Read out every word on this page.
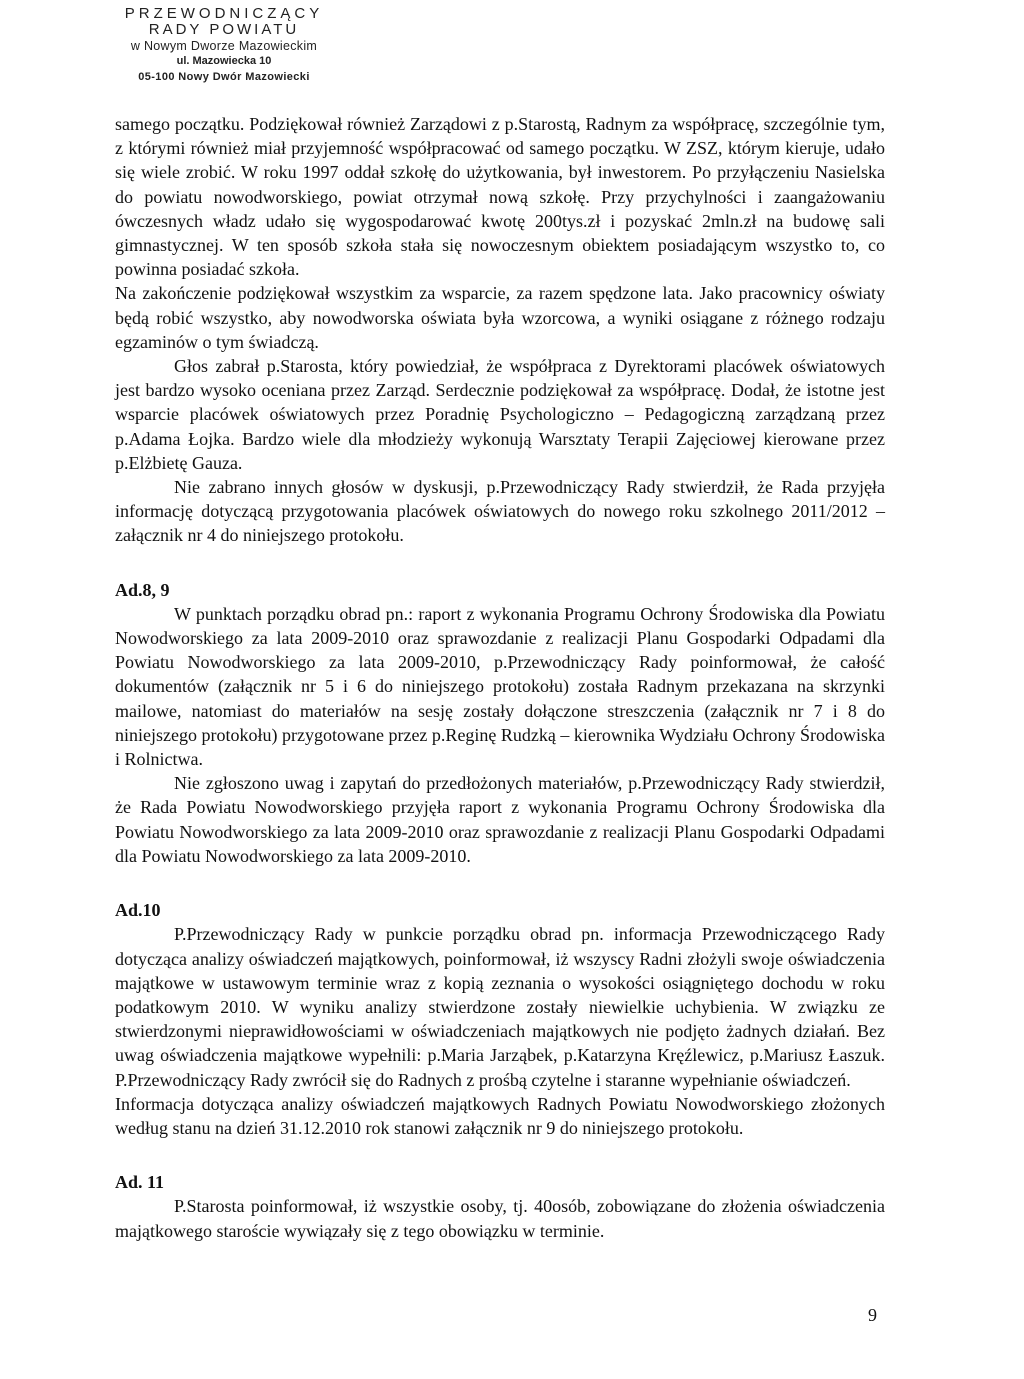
PRZEWODNICZĄCY
RADY POWIATU
w Nowym Dworze Mazowieckim
ul. Mazowiecka 10
05-100 Nowy Dwór Mazowiecki

samego początku. Podziękował również Zarządowi z p.Starostą, Radnym za współpracę, szczególnie tym, z którymi również miał przyjemność współpracować od samego początku. W ZSZ, którym kieruje, udało się wiele zrobić. W roku 1997 oddał szkołę do użytkowania, był inwestorem. Po przyłączeniu Nasielska do powiatu nowodworskiego, powiat otrzymał nową szkołę. Przy przychylności i zaangażowaniu ówczesnych władz udało się wygospodarować kwotę 200tys.zł i pozyskać 2mln.zł na budowę sali gimnastycznej. W ten sposób szkoła stała się nowoczesnym obiektem posiadającym wszystko to, co powinna posiadać szkoła.

Na zakończenie podziękował wszystkim za wsparcie, za razem spędzone lata. Jako pracownicy oświaty będą robić wszystko, aby nowodworska oświata była wzorcowa, a wyniki osiągane z różnego rodzaju egzaminów o tym świadczą.

Głos zabrał p.Starosta, który powiedział, że współpraca z Dyrektorami placówek oświatowych jest bardzo wysoko oceniana przez Zarząd. Serdecznie podziękował za współpracę. Dodał, że istotne jest wsparcie placówek oświatowych przez Poradnię Psychologiczno – Pedagogiczną zarządzaną przez p.Adama Łojka. Bardzo wiele dla młodzieży wykonują Warsztaty Terapii Zajęciowej kierowane przez p.Elżbietę Gauza.

Nie zabrano innych głosów w dyskusji, p.Przewodniczący Rady stwierdził, że Rada przyjęła informację dotyczącą przygotowania placówek oświatowych do nowego roku szkolnego 2011/2012 – załącznik nr 4 do niniejszego protokołu.

Ad.8, 9

W punktach porządku obrad pn.: raport z wykonania Programu Ochrony Środowiska dla Powiatu Nowodworskiego za lata 2009-2010 oraz sprawozdanie z realizacji Planu Gospodarki Odpadami dla Powiatu Nowodworskiego za lata 2009-2010, p.Przewodniczący Rady poinformował, że całość dokumentów (załącznik nr 5 i 6 do niniejszego protokołu) została Radnym przekazana na skrzynki mailowe, natomiast do materiałów na sesję zostały dołączone streszczenia (załącznik nr 7 i 8 do niniejszego protokołu) przygotowane przez p.Reginę Rudzką – kierownika Wydziału Ochrony Środowiska i Rolnictwa.

Nie zgłoszono uwag i zapytań do przedłożonych materiałów, p.Przewodniczący Rady stwierdził, że Rada Powiatu Nowodworskiego przyjęła raport z wykonania Programu Ochrony Środowiska dla Powiatu Nowodworskiego za lata 2009-2010 oraz sprawozdanie z realizacji Planu Gospodarki Odpadami dla Powiatu Nowodworskiego za lata 2009-2010.

Ad.10

P.Przewodniczący Rady w punkcie porządku obrad pn. informacja Przewodniczącego Rady dotycząca analizy oświadczeń majątkowych, poinformował, iż wszyscy Radni złożyli swoje oświadczenia majątkowe w ustawowym terminie wraz z kopią zeznania o wysokości osiągniętego dochodu w roku podatkowym 2010. W wyniku analizy stwierdzone zostały niewielkie uchybienia. W związku ze stwierdzonymi nieprawidłowościami w oświadczeniach majątkowych nie podjęto żadnych działań. Bez uwag oświadczenia majątkowe wypełnili: p.Maria Jarząbek, p.Katarzyna Kręźlewicz, p.Mariusz Łaszuk. P.Przewodniczący Rady zwrócił się do Radnych z prośbą czytelne i staranne wypełnianie oświadczeń.

Informacja dotycząca analizy oświadczeń majątkowych Radnych Powiatu Nowodworskiego złożonych według stanu na dzień 31.12.2010 rok stanowi załącznik nr 9 do niniejszego protokołu.

Ad. 11

P.Starosta poinformował, iż wszystkie osoby, tj. 40osób, zobowiązane do złożenia oświadczenia majątkowego staroście wywiązały się z tego obowiązku w terminie.

9
